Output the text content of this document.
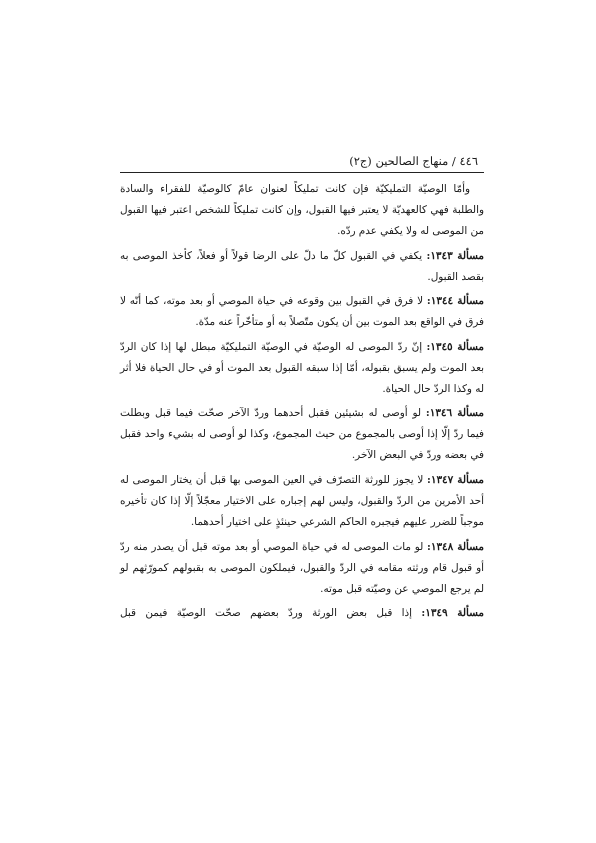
٤٤٦ / منهاج الصالحين (ج٢)

وأمّا الوصيّة التمليكيّة فإن كانت تمليكاً لعنوان عامّ كالوصيّة للفقراء والسادة والطلبة فهي كالعهديّة لا يعتبر فيها القبول، وإن كانت تمليكاً للشخص اعتبر فيها القبول من الموصى له ولا يكفي عدم ردّه.

مسألة ١٣٤٣: يكفي في القبول كلّ ما دلّ على الرضا قولاً أو فعلاً، كأخذ الموصى به بقصد القبول.

مسألة ١٣٤٤: لا فرق في القبول بين وقوعه في حياة الموصي أو بعد موته، كما أنّه لا فرق في الواقع بعد الموت بين أن يكون متّصلاً به أو متأخّراً عنه مدّة.

مسألة ١٣٤٥: إنّ ردّ الموصى له الوصيّة في الوصيّة التمليكيّة مبطل لها إذا كان الردّ بعد الموت ولم يسبق بقبوله، أمّا إذا سبقه القبول بعد الموت أو في حال الحياة فلا أثر له وكذا الردّ حال الحياة.

مسألة ١٣٤٦: لو أوصى له بشيئين فقبل أحدهما وردّ الآخر صحّت فيما قبل وبطلت فيما ردّ إلّا إذا أوصى بالمجموع من حيث المجموع، وكذا لو أوصى له بشيء واحد فقبل في بعضه وردّ في البعض الآخر.

مسألة ١٣٤٧: لا يجوز للورثة التصرّف في العين الموصى بها قبل أن يختار الموصى له أحد الأمرين من الردّ والقبول، وليس لهم إجباره على الاختيار معجّلاً إلّا إذا كان تأخيره موجباً للضرر عليهم فيجبره الحاكم الشرعي حينئذٍ على اختيار أحدهما.

مسألة ١٣٤٨: لو مات الموصى له في حياة الموصي أو بعد موته قبل أن يصدر منه ردّ أو قبول قام ورثته مقامه في الردّ والقبول، فيملكون الموصى به بقبولهم كمورّثهم لو لم يرجع الموصي عن وصيّته قبل موته.

مسألة ١٣٤٩: إذا قبل بعض الورثة وردّ بعضهم صحّت الوصيّة فيمن قبل
